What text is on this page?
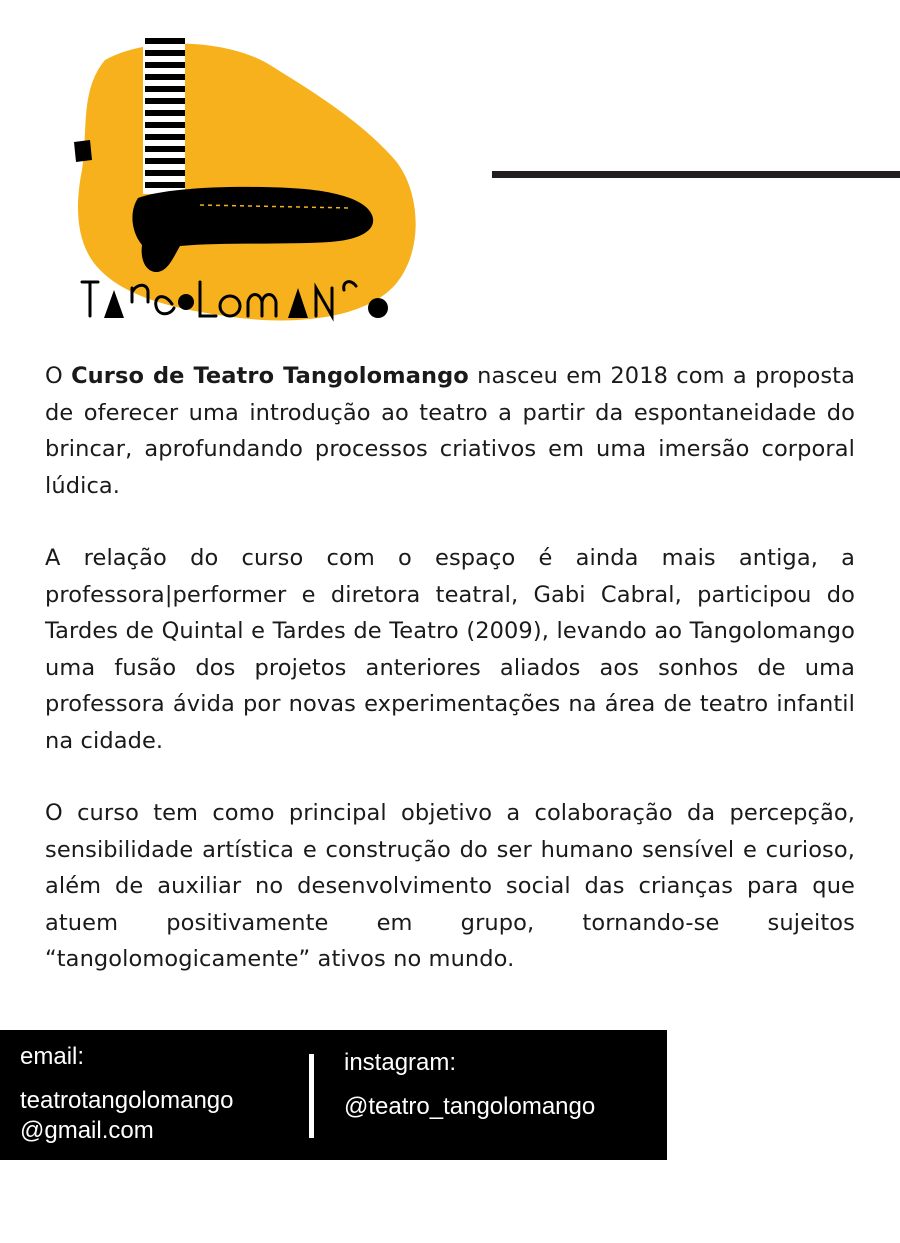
O Curso de Teatro Tangolomango nasceu em 2018 com a proposta de oferecer uma introdução ao teatro a partir da espontaneidade do brincar, aprofundando processos criativos em uma imersão corporal lúdica.

A relação do curso com o espaço é ainda mais antiga, a professora|performer e diretora teatral, Gabi Cabral, participou do Tardes de Quintal e Tardes de Teatro (2009), levando ao Tangolomango uma fusão dos projetos anteriores aliados aos sonhos de uma professora ávida por novas experimentações na área de teatro infantil na cidade.

O curso tem como principal objetivo a colaboração da percepção, sensibilidade artística e construção do ser humano sensível e curioso, além de auxiliar no desenvolvimento social das crianças para que atuem positivamente em grupo, tornando-se sujeitos “tangolomogicamente” ativos no mundo.

email:
teatrotangolomango
@gmail.com
instagram:
@teatro_tangolomango
